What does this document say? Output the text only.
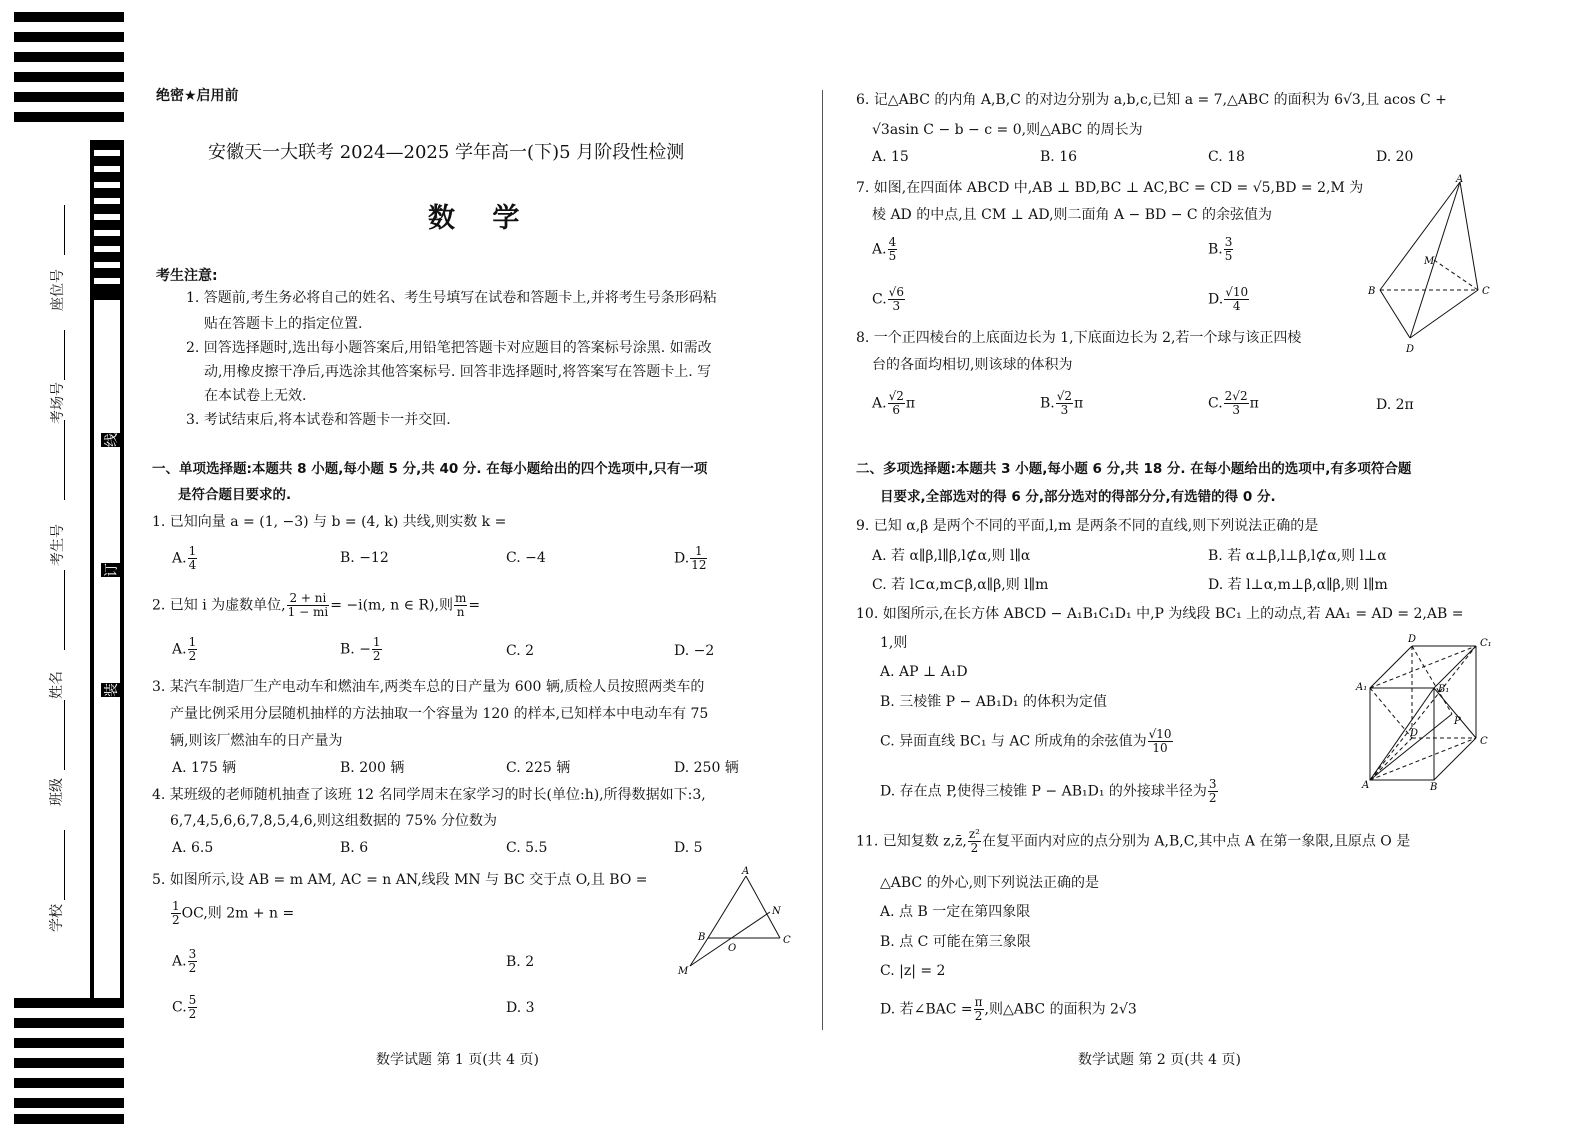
学校
班级
姓名
考生号
考场号
座位号
线
订
装
绝密★启用前
安徽天一大联考 2024—2025 学年高一(下)5 月阶段性检测
数 学
考生注意:
1. 答题前,考生务必将自己的姓名、考生号填写在试卷和答题卡上,并将考生号条形码粘
贴在答题卡上的指定位置.
2. 回答选择题时,选出每小题答案后,用铅笔把答题卡对应题目的答案标号涂黑. 如需改
动,用橡皮擦干净后,再选涂其他答案标号. 回答非选择题时,将答案写在答题卡上. 写
在本试卷上无效.
3. 考试结束后,将本试卷和答题卡一并交回.
一、单项选择题:本题共 8 小题,每小题 5 分,共 40 分. 在每小题给出的四个选项中,只有一项
是符合题目要求的.
1. 已知向量 a = (1, −3) 与 b = (4, k) 共线,则实数 k =
A. $\frac{1}{4}$	B. −12	C. −4	D. $\frac{1}{12}$
2. 已知 i 为虚数单位, $\frac{2 + ni}{1 - mi} = -i(m$, n ∈ R),则 $\frac{m}{n}$ =
A. $\frac{1}{2}$	B. − $\frac{1}{2}$	C. 2	D. −2
3. 某汽车制造厂生产电动车和燃油车,两类车总的日产量为 600 辆,质检人员按照两类车的
产量比例采用分层随机抽样的方法抽取一个容量为 120 的样本,已知样本中电动车有 75
辆,则该厂燃油车的日产量为
A. 175 辆	B. 200 辆	C. 225 辆	D. 250 辆
4. 某班级的老师随机抽查了该班 12 名同学周末在家学习的时长(单位:h),所得数据如下:3,
6,7,4,5,6,6,7,8,5,4,6,则这组数据的 75% 分位数为
A. 6.5	B. 6	C. 5.5	D. 5
5. 如图所示,设 AB = m AM, AC = n AN,线段 MN 与 BC 交于点 O,且 BO =
$\frac{1}{2}$ OC,则 2m + n =
A. $\frac{3}{2}$	B. 2
C. $\frac{5}{2}$	D. 3
A
N
B
O
C
M
数学试题 第 1 页(共 4 页)
6. 记△ABC 的内角 A,B,C 的对边分别为 a,b,c,已知 a = 7,△ABC 的面积为 6√3,且 acos C +
√3asin C − b − c = 0,则△ABC 的周长为
A. 15	B. 16	C. 18	D. 20
7. 如图,在四面体 ABCD 中,AB ⊥ BD,BC ⊥ AC,BC = CD = √5,BD = 2,M 为
棱 AD 的中点,且 CM ⊥ AD,则二面角 A − BD − C 的余弦值为
A. $\frac{4}{5}$	B. $\frac{3}{5}$
C. $\frac{√6}{3}$	D. $\frac{√10}{4}$
A
M
B	C
D
8. 一个正四棱台的上底面边长为 1,下底面边长为 2,若一个球与该正四棱
台的各面均相切,则该球的体积为
A. $\frac{√2}{6}$ π	B. $\frac{√2}{3}$ π	C. $\frac{2√2}{3}$ π	D. 2π
二、多项选择题:本题共 3 小题,每小题 6 分,共 18 分. 在每小题给出的选项中,有多项符合题
目要求,全部选对的得 6 分,部分选对的得部分分,有选错的得 0 分.
9. 已知 α,β 是两个不同的平面,l,m 是两条不同的直线,则下列说法正确的是
A. 若 α∥β,l∥β,l⊄α,则 l∥α	B. 若 α⊥β,l⊥β,l⊄α,则 l⊥α
C. 若 l⊂α,m⊂β,α∥β,则 l∥m	D. 若 l⊥α,m⊥β,α∥β,则 l∥m
10. 如图所示,在长方体 ABCD − A₁B₁C₁D₁ 中,P 为线段 BC₁ 上的动点,若 AA₁ = AD = 2,AB =
1,则
A. AP ⊥ A₁D
B. 三棱锥 P − AB₁D₁ 的体积为定值
C. 异面直线 BC₁ 与 AC 所成角的余弦值为 $\frac{√10}{10}$
D. 存在点 P,使得三棱锥 P − AB₁D₁ 的外接球半径为 $\frac{3}{2}$
D	C₁
A₁	B₁
P
D
C
A	B
11. 已知复数 z,z̄, $\frac{\text{z²}}{2}$ 在复平面内对应的点分别为 A,B,C,其中点 A 在第一象限,且原点 O 是
△ABC 的外心,则下列说法正确的是
A. 点 B 一定在第四象限
B. 点 C 可能在第三象限
C. |z| = 2
D. 若∠BAC = $\frac{\pi}{2}$ ,则△ABC 的面积为 2√3
数学试题 第 2 页(共 4 页)
